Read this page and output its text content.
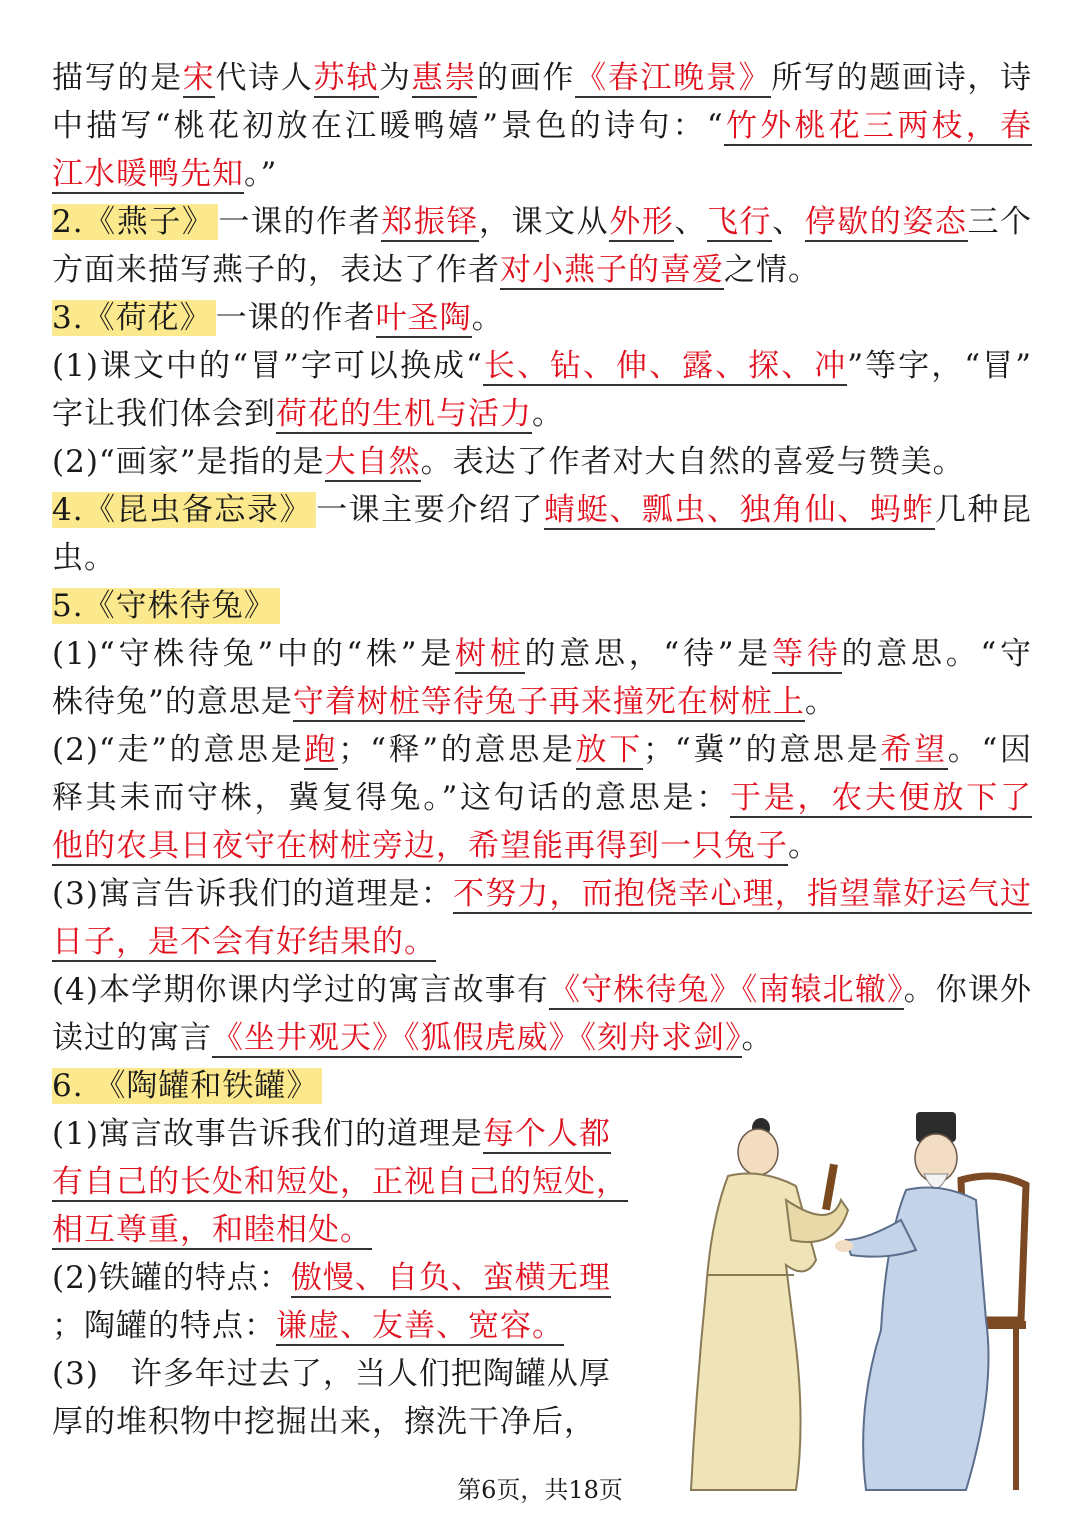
描写的是宋代诗人苏轼为惠崇的画作《春江晚景》所写的题画诗，诗
中描写“桃花初放在江暖鸭嬉”景色的诗句：“竹外桃花三两枝，春
江水暖鸭先知。”
2.《燕子》 一课的作者郑振铎，课文从外形、飞行、停歇的姿态三个
方面来描写燕子的，表达了作者对小燕子的喜爱之情。
3.《荷花》 一课的作者叶圣陶。
(1)课文中的“冒”字可以换成“长、钻、伸、露、探、冲”等字，“冒”
字让我们体会到荷花的生机与活力。
(2)“画家”是指的是大自然。表达了作者对大自然的喜爱与赞美。
4.《昆虫备忘录》 一课主要介绍了蜻蜓、瓢虫、独角仙、蚂蚱几种昆
虫。
5.《守株待兔》
(1)“守株待兔”中的“株”是树桩的意思，“待”是等待的意思。“守
株待兔”的意思是守着树桩等待兔子再来撞死在树桩上。
(2)“走”的意思是跑；“释”的意思是放下；“冀”的意思是希望。“因
释其耒而守株，冀复得兔。”这句话的意思是：于是，农夫便放下了
他的农具日夜守在树桩旁边，希望能再得到一只兔子。
(3)寓言告诉我们的道理是：不努力，而抱侥幸心理，指望靠好运气过
日子，是不会有好结果的。
(4)本学期你课内学过的寓言故事有《守株待兔》《南辕北辙》。你课外
读过的寓言《坐井观天》《狐假虎威》《刻舟求剑》。
6. 《陶罐和铁罐》
(1)寓言故事告诉我们的道理是每个人都
有自己的长处和短处，正视自己的短处，
相互尊重，和睦相处。
(2)铁罐的特点：傲慢、自负、蛮横无理
；陶罐的特点：谦虚、友善、宽容。
(3)　许多年过去了，当人们把陶罐从厚
厚的堆积物中挖掘出来，擦洗干净后，
第6页，共18页
